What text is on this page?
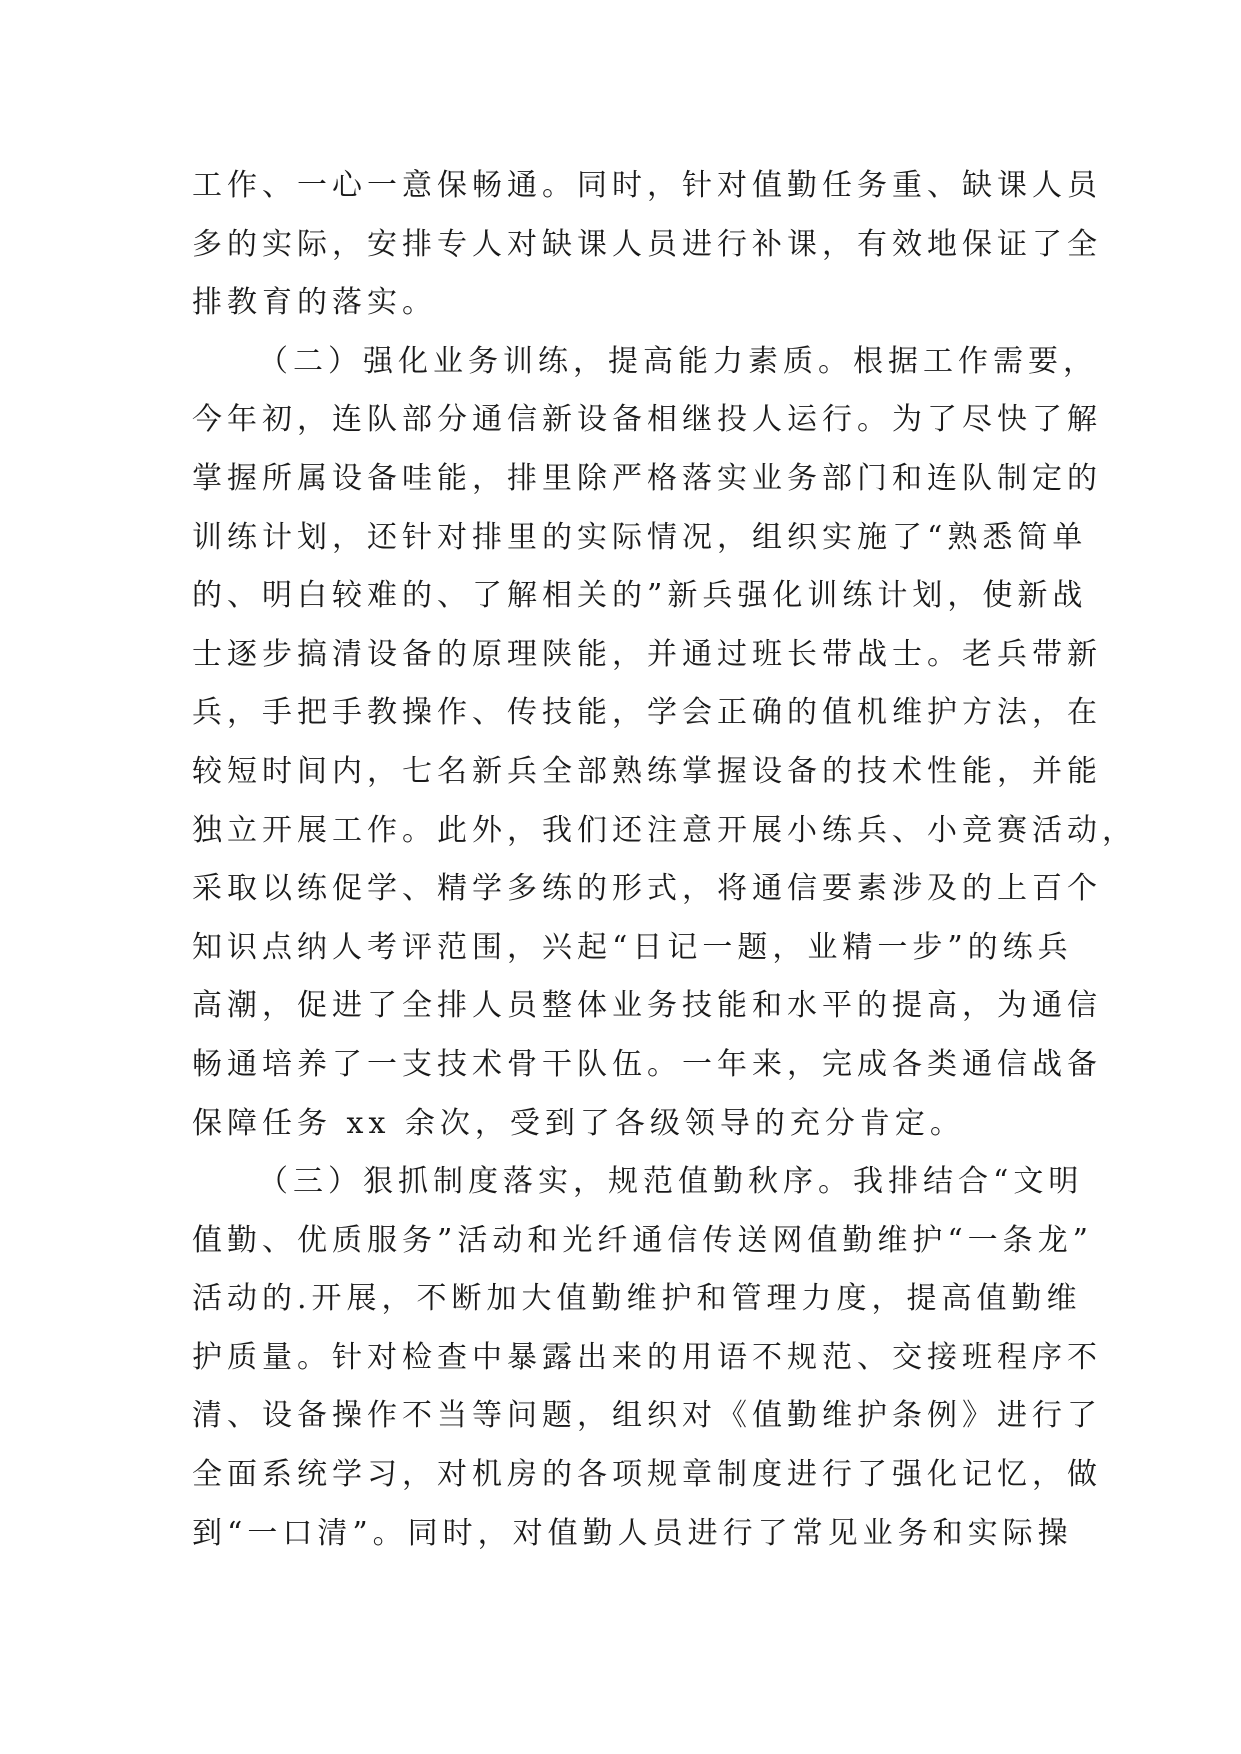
工作、一心一意保畅通。同时，针对值勤任务重、缺课人员
多的实际，安排专人对缺课人员进行补课，有效地保证了全
排教育的落实。
（二）强化业务训练，提高能力素质。根据工作需要，
今年初，连队部分通信新设备相继投人运行。为了尽快了解
掌握所属设备哇能，排里除严格落实业务部门和连队制定的
训练计划，还针对排里的实际情况，组织实施了“熟悉简单
的、明白较难的、了解相关的”新兵强化训练计划，使新战
士逐步搞清设备的原理陕能，并通过班长带战士。老兵带新
兵，手把手教操作、传技能，学会正确的值机维护方法，在
较短时间内，七名新兵全部熟练掌握设备的技术性能，并能
独立开展工作。此外，我们还注意开展小练兵、小竞赛活动，
采取以练促学、精学多练的形式，将通信要素涉及的上百个
知识点纳人考评范围，兴起“日记一题，业精一步”的练兵
高潮，促进了全排人员整体业务技能和水平的提高，为通信
畅通培养了一支技术骨干队伍。一年来，完成各类通信战备
保障任务 xx 余次，受到了各级领导的充分肯定。
（三）狠抓制度落实，规范值勤秋序。我排结合“文明
值勤、优质服务”活动和光纤通信传送网值勤维护“一条龙”
活动的.开展，不断加大值勤维护和管理力度，提高值勤维
护质量。针对检查中暴露出来的用语不规范、交接班程序不
清、设备操作不当等问题，组织对《值勤维护条例》进行了
全面系统学习，对机房的各项规章制度进行了强化记忆，做
到“一口清”。同时，对值勤人员进行了常见业务和实际操
